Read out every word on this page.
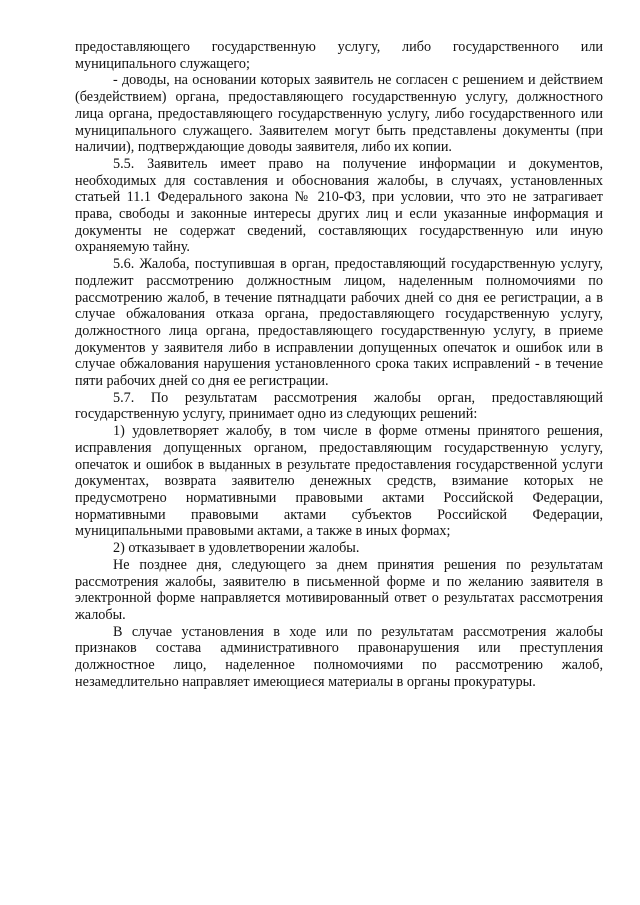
предоставляющего государственную услугу, либо государственного или муниципального служащего;

- доводы, на основании которых заявитель не согласен с решением и действием (бездействием) органа, предоставляющего государственную услугу, должностного лица органа, предоставляющего государственную услугу, либо государственного или муниципального служащего. Заявителем могут быть представлены документы (при наличии), подтверждающие доводы заявителя, либо их копии.

5.5. Заявитель имеет право на получение информации и документов, необходимых для составления и обоснования жалобы, в случаях, установленных статьей 11.1 Федерального закона № 210-ФЗ, при условии, что это не затрагивает права, свободы и законные интересы других лиц и если указанные информация и документы не содержат сведений, составляющих государственную или иную охраняемую тайну.

5.6. Жалоба, поступившая в орган, предоставляющий государственную услугу, подлежит рассмотрению должностным лицом, наделенным полномочиями по рассмотрению жалоб, в течение пятнадцати рабочих дней со дня ее регистрации, а в случае обжалования отказа органа, предоставляющего государственную услугу, должностного лица органа, предоставляющего государственную услугу, в приеме документов у заявителя либо в исправлении допущенных опечаток и ошибок или в случае обжалования нарушения установленного срока таких исправлений - в течение пяти рабочих дней со дня ее регистрации.

5.7. По результатам рассмотрения жалобы орган, предоставляющий государственную услугу, принимает одно из следующих решений:

1) удовлетворяет жалобу, в том числе в форме отмены принятого решения, исправления допущенных органом, предоставляющим государственную услугу, опечаток и ошибок в выданных в результате предоставления государственной услуги документах, возврата заявителю денежных средств, взимание которых не предусмотрено нормативными правовыми актами Российской Федерации, нормативными правовыми актами субъектов Российской Федерации, муниципальными правовыми актами, а также в иных формах;

2) отказывает в удовлетворении жалобы.

Не позднее дня, следующего за днем принятия решения по результатам рассмотрения жалобы, заявителю в письменной форме и по желанию заявителя в электронной форме направляется мотивированный ответ о результатах рассмотрения жалобы.

В случае установления в ходе или по результатам рассмотрения жалобы признаков состава административного правонарушения или преступления должностное лицо, наделенное полномочиями по рассмотрению жалоб, незамедлительно направляет имеющиеся материалы в органы прокуратуры.
